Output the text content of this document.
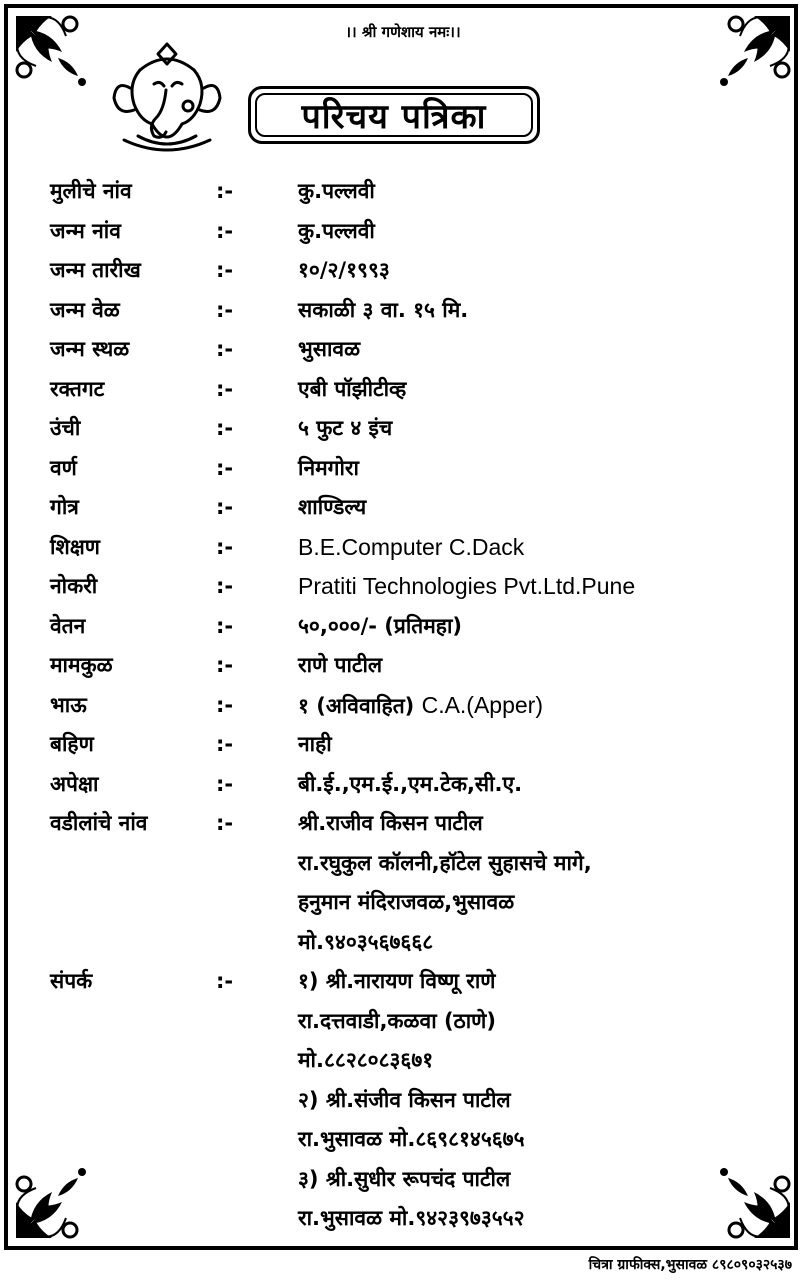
।। श्री गणेशाय नमः।।
परिचय पत्रिका
मुलीचे नांव	:-	कु.पल्लवी
जन्म नांव	:-	कु.पल्लवी
जन्म तारीख	:-	१०/२/१९९३
जन्म वेळ	:-	सकाळी ३ वा. १५ मि.
जन्म स्थळ	:-	भुसावळ
रक्तगट	:-	एबी पॉझीटीव्ह
उंची	:-	५ फुट ४ इंच
वर्ण	:-	निमगोरा
गोत्र	:-	शाण्डिल्य
शिक्षण	:-	B.E.Computer C.Dack
नोकरी	:-	Pratiti Technologies Pvt.Ltd.Pune
वेतन	:-	५०,०००/- (प्रतिमहा)
मामकुळ	:-	राणे पाटील
भाऊ	:-	१ (अविवाहित) C.A.(Apper)
बहिण	:-	नाही
अपेक्षा	:-	बी.ई.,एम.ई.,एम.टेक,सी.ए.
वडीलांचे नांव	:-	श्री.राजीव किसन पाटील
रा.रघुकुल कॉलनी,हॉटेल सुहासचे मागे,
हनुमान मंदिराजवळ,भुसावळ
मो.९४०३५६७६६८
संपर्क	:-	१) श्री.नारायण विष्णू राणे
रा.दत्तवाडी,कळवा (ठाणे)
मो.८८२८०८३६७१
२) श्री.संजीव किसन पाटील
रा.भुसावळ मो.८६९८१४५६७५
३) श्री.सुधीर रूपचंद पाटील
रा.भुसावळ मो.९४२३९७३५५२
चित्रा ग्राफीक्स,भुसावळ ८९८०९०३२५३७
